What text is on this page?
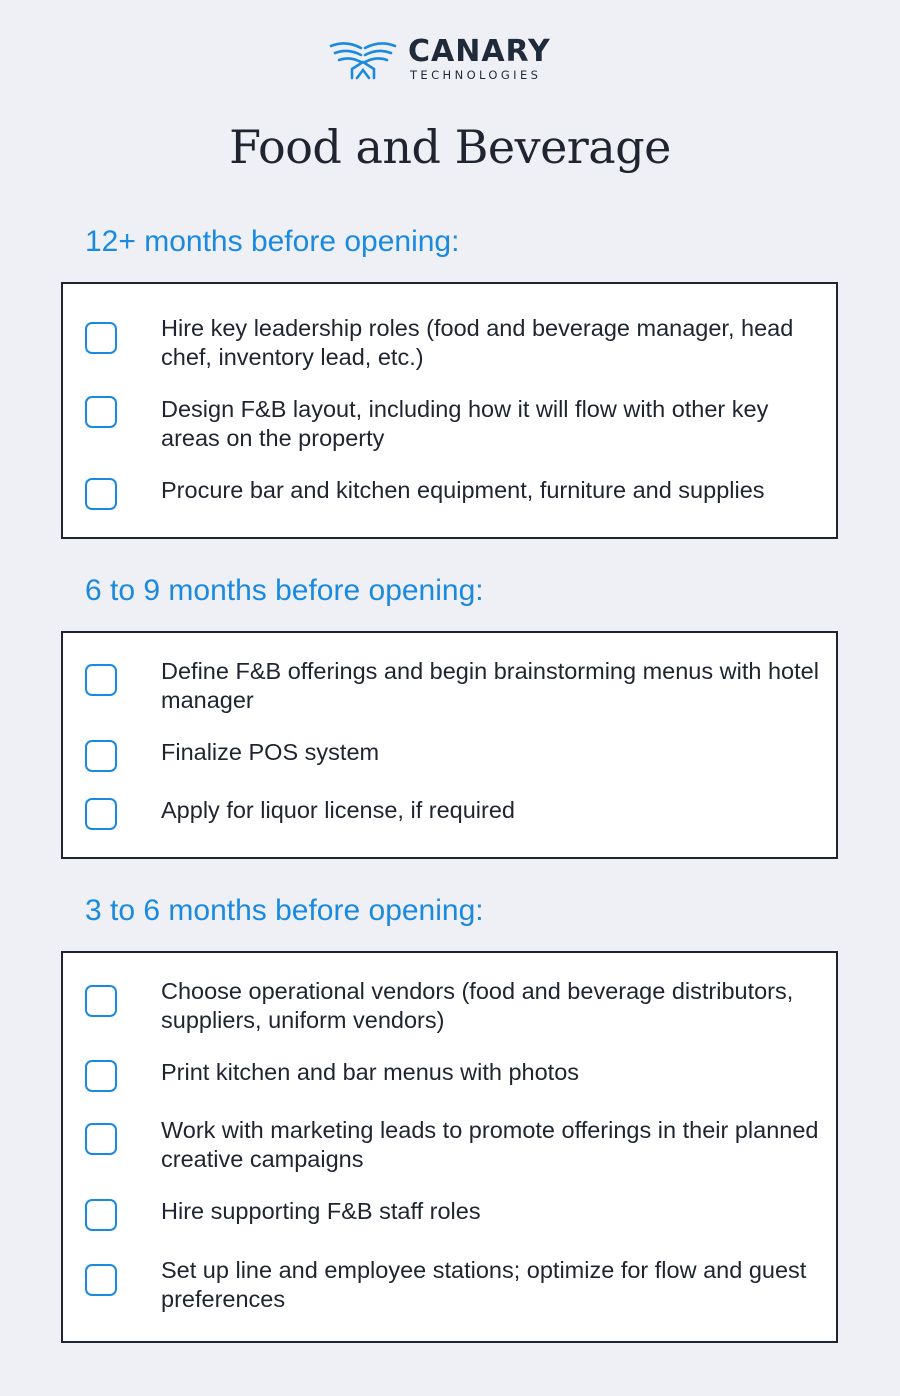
CANARY
TECHNOLOGIES
Food and Beverage
12+ months before opening:
Hire key leadership roles (food and beverage manager, head chef, inventory lead, etc.)
Design F&B layout, including how it will flow with other key areas on the property
Procure bar and kitchen equipment, furniture and supplies
6 to 9 months before opening:
Define F&B offerings and begin brainstorming menus with hotel manager
Finalize POS system
Apply for liquor license, if required
3 to 6 months before opening:
Choose operational vendors (food and beverage distributors, suppliers, uniform vendors)
Print kitchen and bar menus with photos
Work with marketing leads to promote offerings in their planned creative campaigns
Hire supporting F&B staff roles
Set up line and employee stations; optimize for flow and guest preferences
